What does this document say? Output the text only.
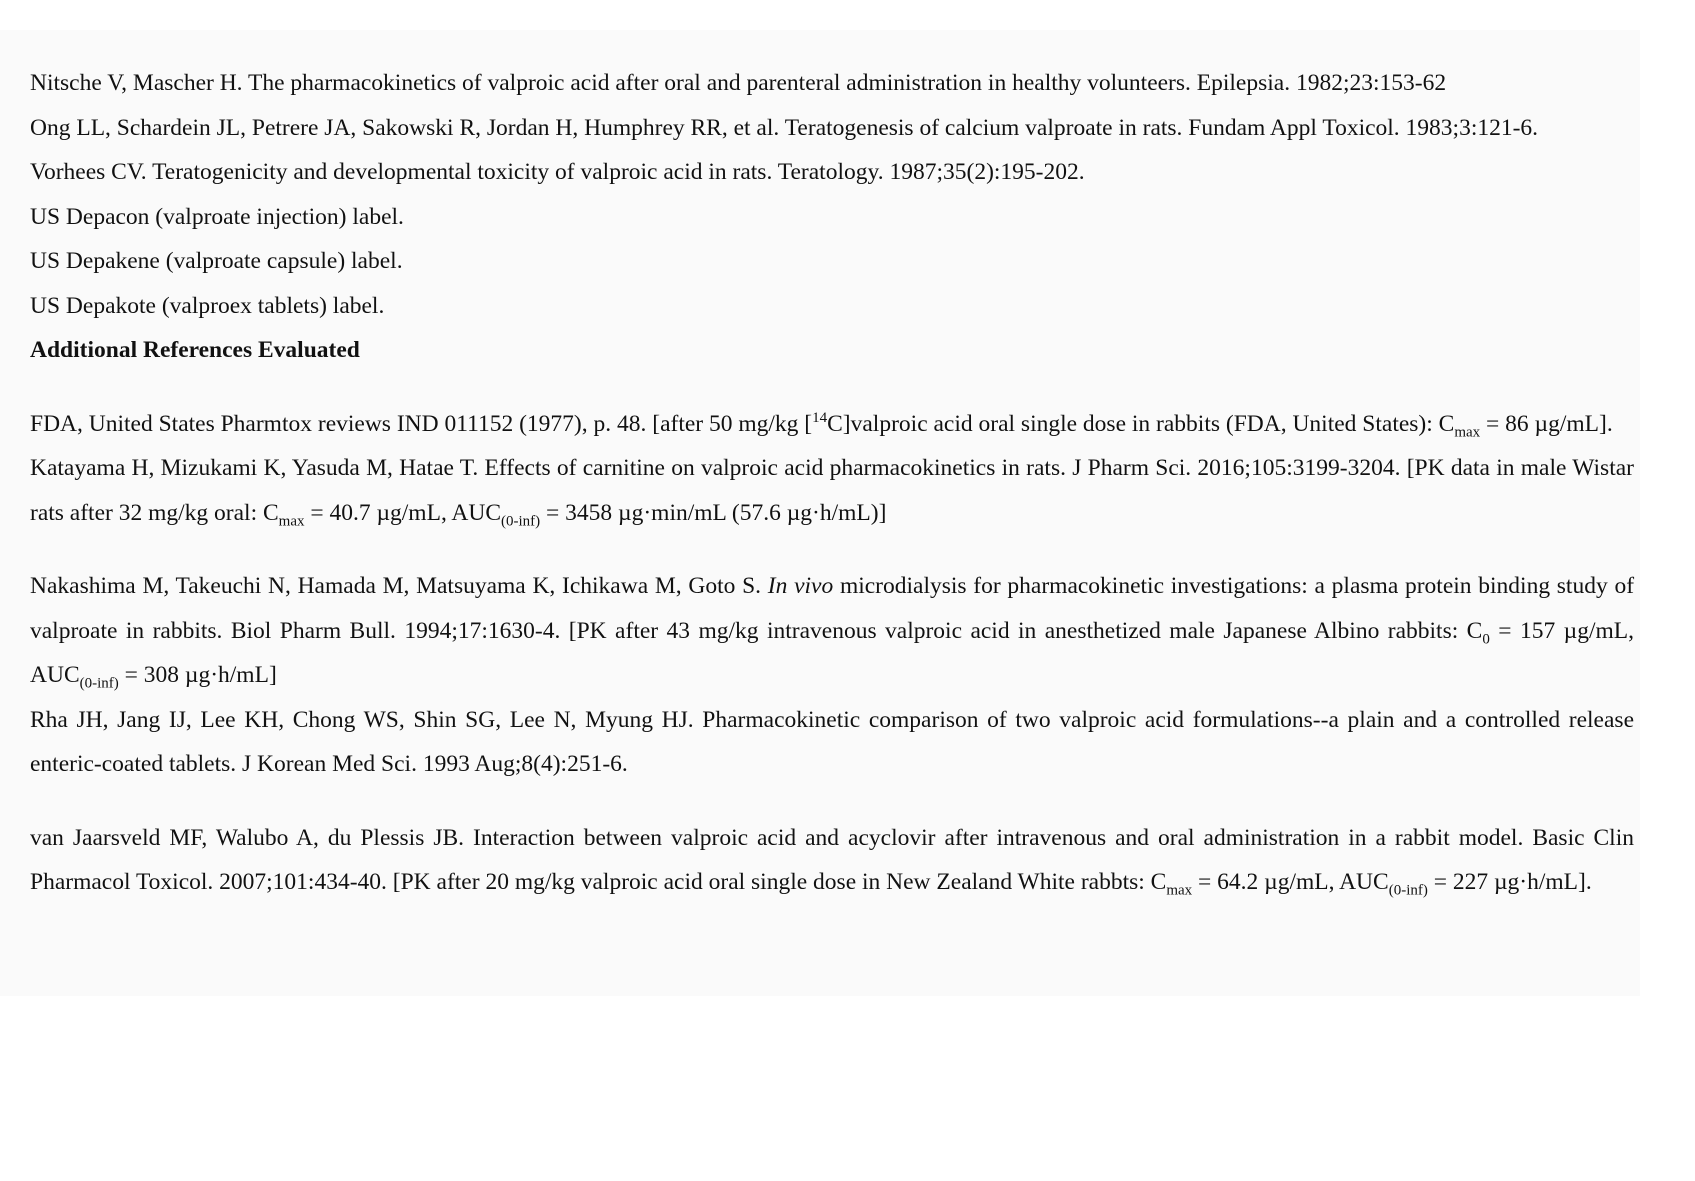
Nitsche V, Mascher H. The pharmacokinetics of valproic acid after oral and parenteral administration in healthy volunteers. Epilepsia. 1982;23:153-62

Ong LL, Schardein JL, Petrere JA, Sakowski R, Jordan H, Humphrey RR, et al. Teratogenesis of calcium valproate in rats. Fundam Appl Toxicol. 1983;3:121-6.

Vorhees CV. Teratogenicity and developmental toxicity of valproic acid in rats. Teratology. 1987;35(2):195-202.

US Depacon (valproate injection) label.

US Depakene (valproate capsule) label.

US Depakote (valproex tablets) label.

Additional References Evaluated

FDA, United States Pharmtox reviews IND 011152 (1977), p. 48. [after 50 mg/kg [$^{14}$C]valproic acid oral single dose in rabbits (FDA, United States): $C_{max} = 86$ µg/mL].

Katayama H, Mizukami K, Yasuda M, Hatae T. Effects of carnitine on valproic acid pharmacokinetics in rats. J Pharm Sci. 2016;105:3199-3204. [PK data in male Wistar rats after 32 mg/kg oral: $C_{max} = 40.7$ µg/mL, $AUC_{(0-inf)} = 3458$ µg·min/mL (57.6 µg·h/mL)]

Nakashima M, Takeuchi N, Hamada M, Matsuyama K, Ichikawa M, Goto S. In vivo microdialysis for pharmacokinetic investigations: a plasma protein binding study of valproate in rabbits. Biol Pharm Bull. 1994;17:1630-4. [PK after 43 mg/kg intravenous valproic acid in anesthetized male Japanese Albino rabbits: $C_0 = 157$ µg/mL, $AUC_{(0-inf)} = 308$ µg·h/mL]

Rha JH, Jang IJ, Lee KH, Chong WS, Shin SG, Lee N, Myung HJ. Pharmacokinetic comparison of two valproic acid formulations--a plain and a controlled release enteric-coated tablets. J Korean Med Sci. 1993 Aug;8(4):251-6.

van Jaarsveld MF, Walubo A, du Plessis JB. Interaction between valproic acid and acyclovir after intravenous and oral administration in a rabbit model. Basic Clin Pharmacol Toxicol. 2007;101:434-40. [PK after 20 mg/kg valproic acid oral single dose in New Zealand White rabbts: $C_{max} = 64.2$ µg/mL, $AUC_{(0-inf)} = 227$ µg·h/mL].
